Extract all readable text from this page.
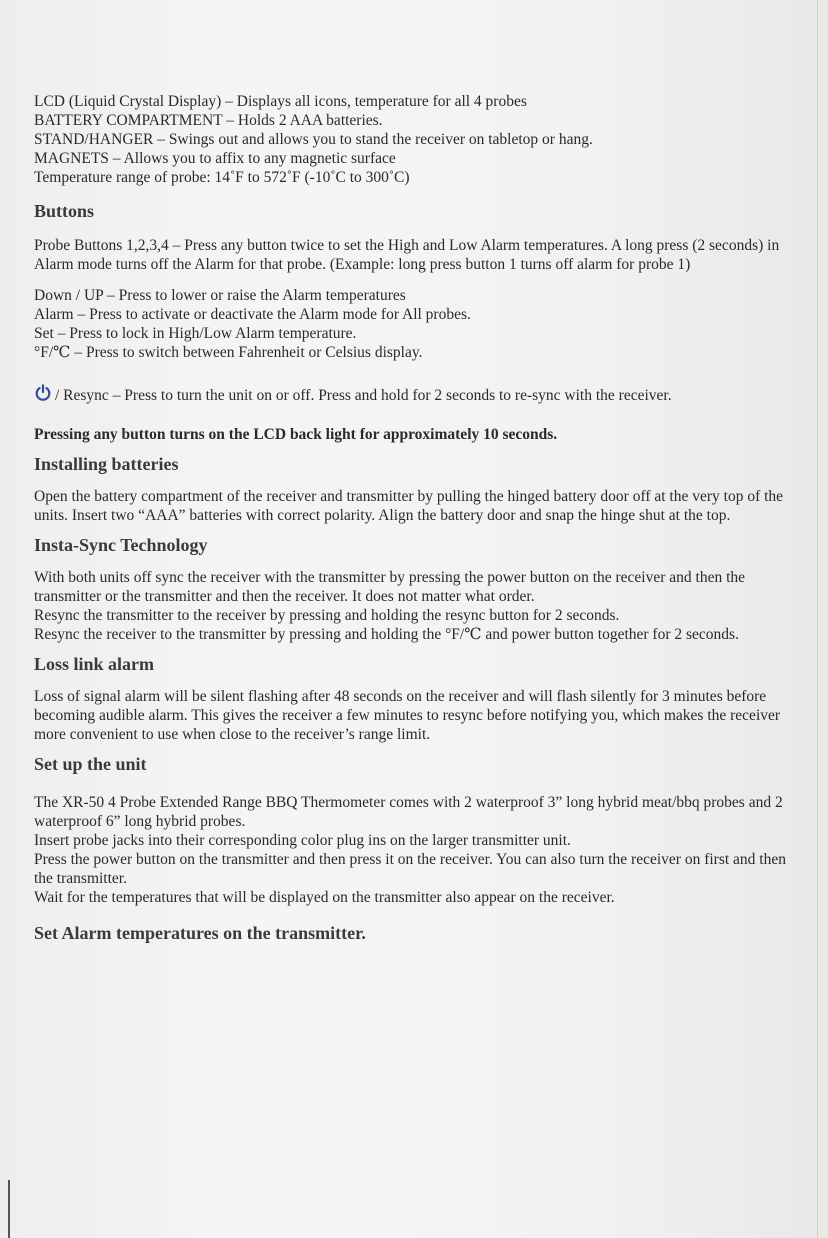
LCD (Liquid Crystal Display) – Displays all icons, temperature for all 4 probes

BATTERY COMPARTMENT – Holds 2 AAA batteries.

STAND/HANGER – Swings out and allows you to stand the receiver on tabletop or hang.

MAGNETS – Allows you to affix to any magnetic surface

Temperature range of probe: 14˚F to 572˚F (-10˚C to 300˚C)

Buttons

Probe Buttons 1,2,3,4 – Press any button twice to set the High and Low Alarm temperatures. A long press (2 seconds) in Alarm mode turns off the Alarm for that probe. (Example: long press button 1 turns off alarm for probe 1)

Down / UP – Press to lower or raise the Alarm temperatures

Alarm – Press to activate or deactivate the Alarm mode for All probes.

Set – Press to lock in High/Low Alarm temperature.

°F/℃ – Press to switch between Fahrenheit or Celsius display.

/ Resync – Press to turn the unit on or off. Press and hold for 2 seconds to re-sync with the receiver.

Pressing any button turns on the LCD back light for approximately 10 seconds.

Installing batteries

Open the battery compartment of the receiver and transmitter by pulling the hinged battery door off at the very top of the units. Insert two “AAA” batteries with correct polarity. Align the battery door and snap the hinge shut at the top.

Insta-Sync Technology

With both units off sync the receiver with the transmitter by pressing the power button on the receiver and then the transmitter or the transmitter and then the receiver. It does not matter what order.

Resync the transmitter to the receiver by pressing and holding the resync button for 2 seconds.

Resync the receiver to the transmitter by pressing and holding the °F/℃ and power button together for 2 seconds.

Loss link alarm

Loss of signal alarm will be silent flashing after 48 seconds on the receiver and will flash silently for 3 minutes before becoming audible alarm. This gives the receiver a few minutes to resync before notifying you, which makes the receiver more convenient to use when close to the receiver’s range limit.

Set up the unit

The XR-50 4 Probe Extended Range BBQ Thermometer comes with 2 waterproof 3” long hybrid meat/bbq probes and 2 waterproof 6” long hybrid probes.

Insert probe jacks into their corresponding color plug ins on the larger transmitter unit.

Press the power button on the transmitter and then press it on the receiver. You can also turn the receiver on first and then the transmitter.

Wait for the temperatures that will be displayed on the transmitter also appear on the receiver.

Set Alarm temperatures on the transmitter.
